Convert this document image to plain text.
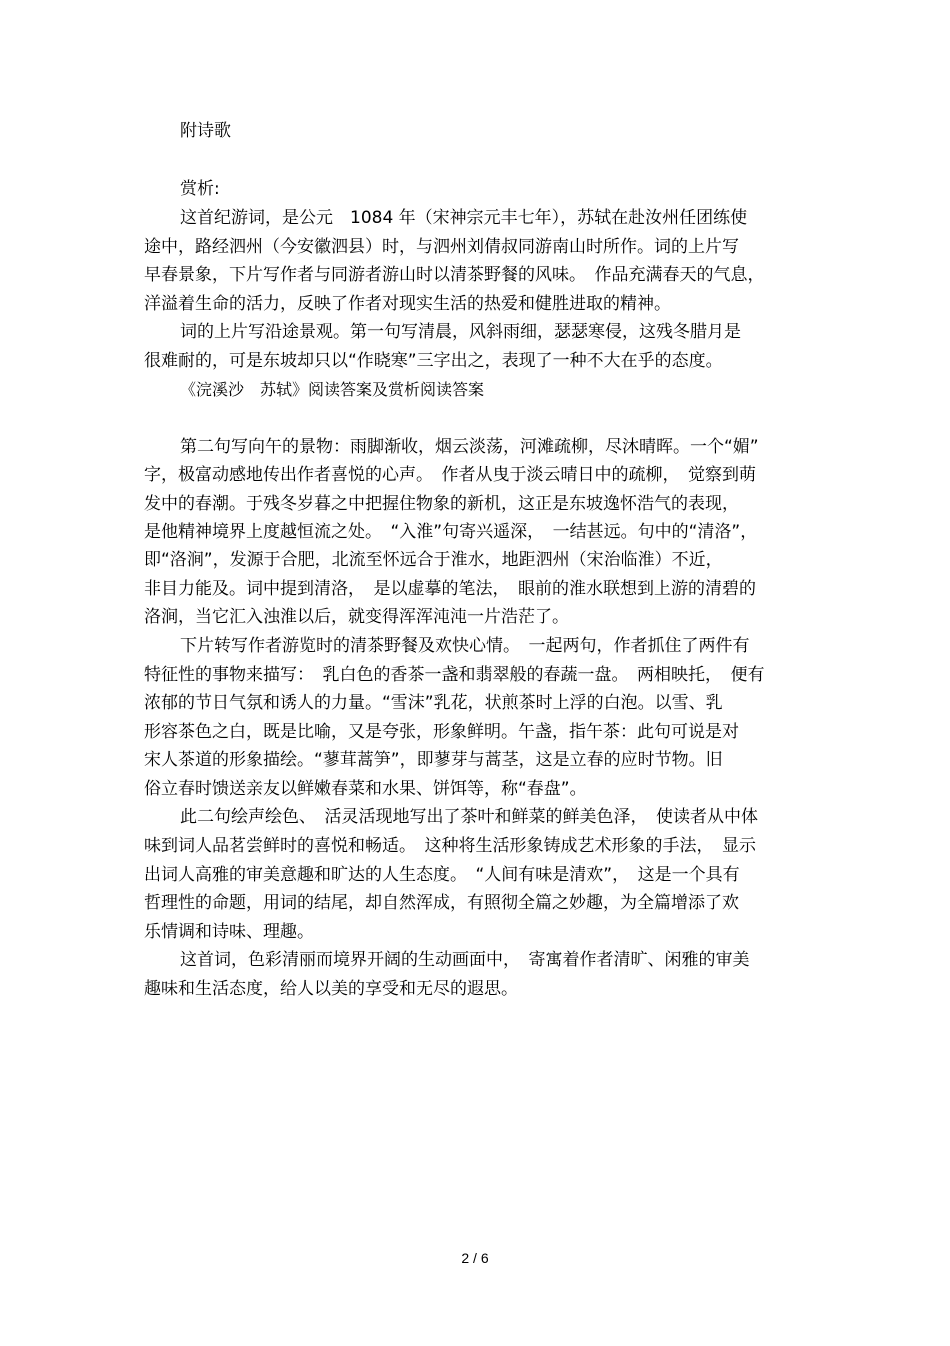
附诗歌
赏析:
这首纪游词，是公元　1084 年（宋神宗元丰七年），苏轼在赴汝州任团练使
途中，路经泗州（今安徽泗县）时，与泗州刘倩叔同游南山时所作。词的上片写
早春景象，下片写作者与同游者游山时以清茶野餐的风味。　作品充满春天的气息，
洋溢着生命的活力，反映了作者对现实生活的热爱和健胜进取的精神。
词的上片写沿途景观。第一句写清晨，风斜雨细，瑟瑟寒侵，这残冬腊月是
很难耐的，可是东坡却只以“作晓寒”三字出之，表现了一种不大在乎的态度。
《浣溪沙　苏轼》阅读答案及赏析阅读答案
第二句写向午的景物：雨脚渐收，烟云淡荡，河滩疏柳，尽沐晴晖。一个“媚”
字，极富动感地传出作者喜悦的心声。　作者从曳于淡云晴日中的疏柳，　觉察到萌
发中的春潮。于残冬岁暮之中把握住物象的新机，这正是东坡逸怀浩气的表现，
是他精神境界上度越恒流之处。　“入淮”句寄兴遥深，　一结甚远。句中的“清洛”，
即“洛涧”，发源于合肥，北流至怀远合于淮水，地距泗州（宋治临淮）不近，
非目力能及。词中提到清洛，　是以虚摹的笔法，　眼前的淮水联想到上游的清碧的
洛涧，当它汇入浊淮以后，就变得浑浑沌沌一片浩茫了。
下片转写作者游览时的清茶野餐及欢快心情。　一起两句，作者抓住了两件有
特征性的事物来描写：　乳白色的香茶一盏和翡翠般的春蔬一盘。　两相映托，　便有
浓郁的节日气氛和诱人的力量。“雪沫”乳花，状煎茶时上浮的白泡。以雪、乳
形容茶色之白，既是比喻，又是夸张，形象鲜明。午盏，指午茶：此句可说是对
宋人茶道的形象描绘。“蓼茸蒿笋”，即蓼芽与蒿茎，这是立春的应时节物。旧
俗立春时馈送亲友以鲜嫩春菜和水果、饼饵等，称“春盘”。
此二句绘声绘色、　活灵活现地写出了茶叶和鲜菜的鲜美色泽，　使读者从中体
味到词人品茗尝鲜时的喜悦和畅适。　这种将生活形象铸成艺术形象的手法，　显示
出词人高雅的审美意趣和旷达的人生态度。　“人间有味是清欢”，　这是一个具有
哲理性的命题，用词的结尾，却自然浑成，有照彻全篇之妙趣，为全篇增添了欢
乐情调和诗味、理趣。
这首词，色彩清丽而境界开阔的生动画面中，　寄寓着作者清旷、闲雅的审美
趣味和生活态度，给人以美的享受和无尽的遐思。
2 / 6
